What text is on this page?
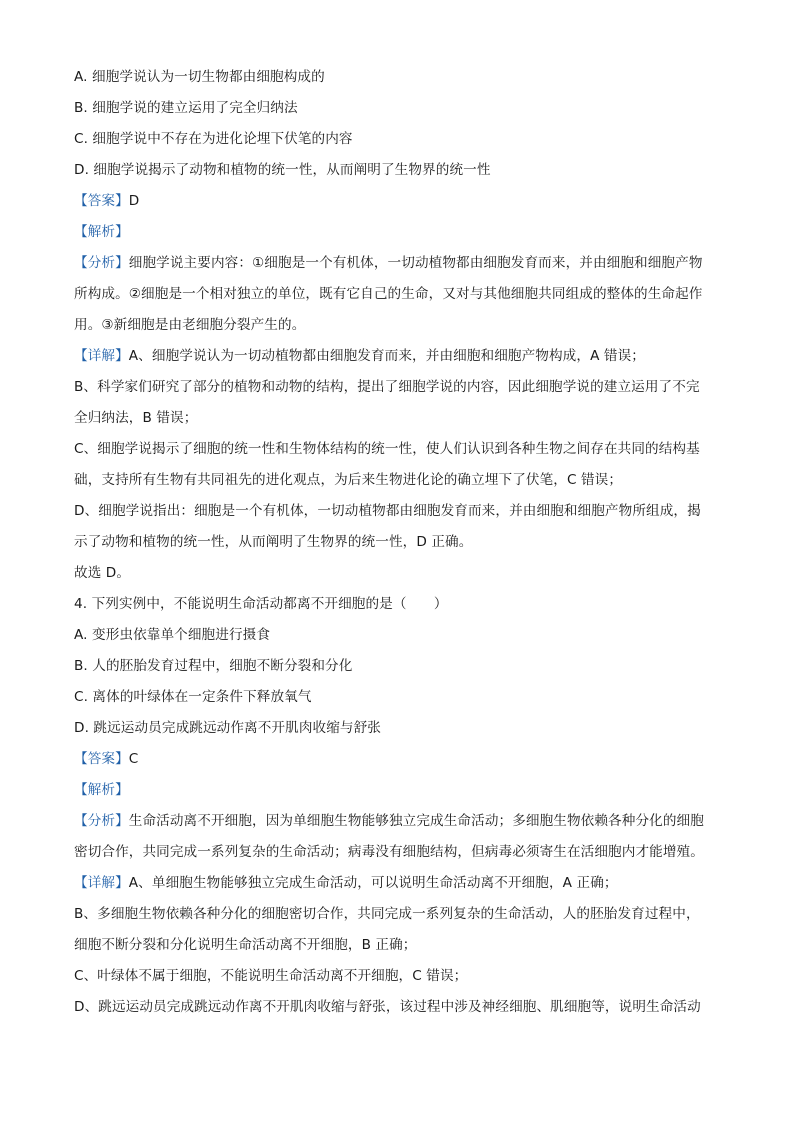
A. 细胞学说认为一切生物都由细胞构成的
B. 细胞学说的建立运用了完全归纳法
C. 细胞学说中不存在为进化论埋下伏笔的内容
D. 细胞学说揭示了动物和植物的统一性，从而阐明了生物界的统一性
【答案】D
【解析】
【分析】细胞学说主要内容：①细胞是一个有机体，一切动植物都由细胞发育而来，并由细胞和细胞产物
所构成。②细胞是一个相对独立的单位，既有它自己的生命，又对与其他细胞共同组成的整体的生命起作
用。③新细胞是由老细胞分裂产生的。
【详解】A、细胞学说认为一切动植物都由细胞发育而来，并由细胞和细胞产物构成，A 错误；
B、科学家们研究了部分的植物和动物的结构，提出了细胞学说的内容，因此细胞学说的建立运用了不完
全归纳法，B 错误；
C、细胞学说揭示了细胞的统一性和生物体结构的统一性，使人们认识到各种生物之间存在共同的结构基
础，支持所有生物有共同祖先的进化观点，为后来生物进化论的确立埋下了伏笔，C 错误；
D、细胞学说指出：细胞是一个有机体，一切动植物都由细胞发育而来，并由细胞和细胞产物所组成，揭
示了动物和植物的统一性，从而阐明了生物界的统一性，D 正确。
故选 D。
4. 下列实例中，不能说明生命活动都离不开细胞的是（　　）
A. 变形虫依靠单个细胞进行摄食
B. 人的胚胎发育过程中，细胞不断分裂和分化
C. 离体的叶绿体在一定条件下释放氧气
D. 跳远运动员完成跳远动作离不开肌肉收缩与舒张
【答案】C
【解析】
【分析】生命活动离不开细胞，因为单细胞生物能够独立完成生命活动；多细胞生物依赖各种分化的细胞
密切合作，共同完成一系列复杂的生命活动；病毒没有细胞结构，但病毒必须寄生在活细胞内才能增殖。
【详解】A、单细胞生物能够独立完成生命活动，可以说明生命活动离不开细胞，A 正确；
B、多细胞生物依赖各种分化的细胞密切合作，共同完成一系列复杂的生命活动，人的胚胎发育过程中，
细胞不断分裂和分化说明生命活动离不开细胞，B 正确；
C、叶绿体不属于细胞，不能说明生命活动离不开细胞，C 错误；
D、跳远运动员完成跳远动作离不开肌肉收缩与舒张，该过程中涉及神经细胞、肌细胞等，说明生命活动
